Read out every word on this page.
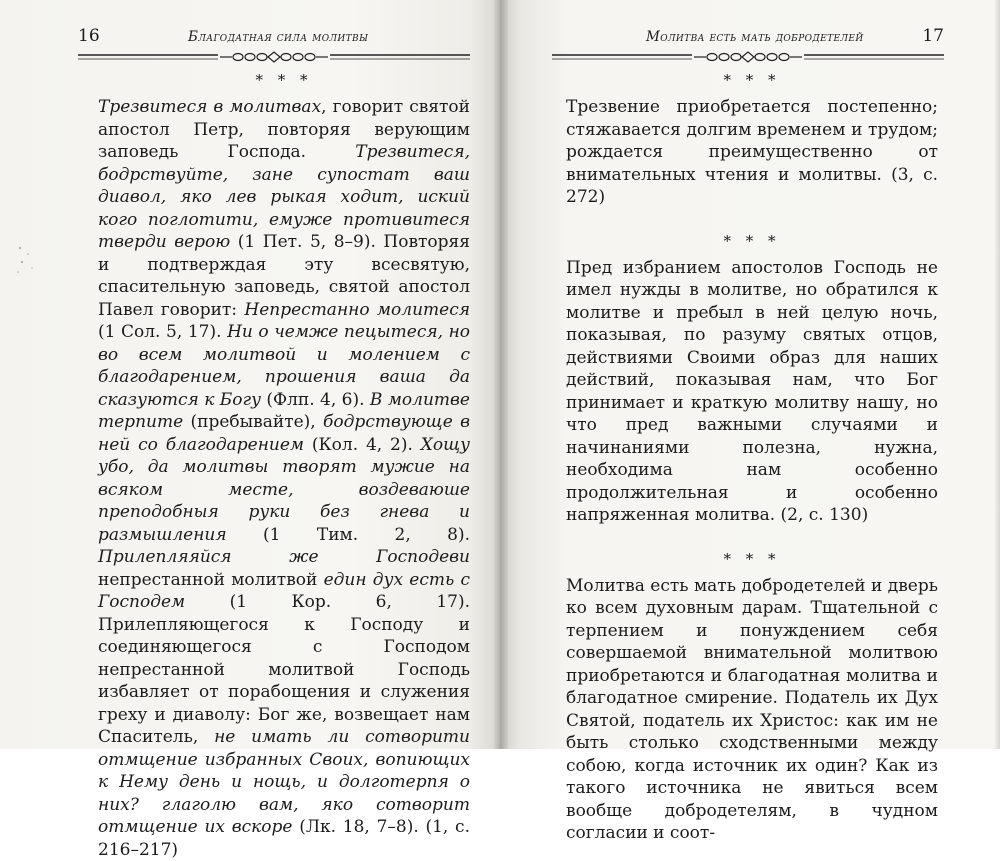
16	Благодатная сила молитвы
* * *

Трезвитеся в молитвах, говорит святой апостол Петр, повторяя верующим заповедь Господа. Трезвитеся, бодрствуйте, зане супостат ваш диавол, яко лев рыкая ходит, иский кого поглотити, емуже противитеся тверди верою (1 Пет. 5, 8–9). Повторяя и подтверждая эту всесвятую, спасительную заповедь, святой апостол Павел говорит: Непрестанно молитеся (1 Сол. 5, 17). Ни о чемже пецытеся, но во всем молитвой и молением с благодарением, прошения ваша да сказуются к Богу (Флп. 4, 6). В молитве терпите (пребывайте), бодрствующе в ней со благодарением (Кол. 4, 2). Хощу убо, да молитвы творят мужие на всяком месте, воздеваюше преподобныя руки без гнева и размышления (1 Тим. 2, 8). Прилепляяйся же Господеви непрестанной молитвой един дух есть с Господем (1 Кор. 6, 17). Прилепляющегося к Господу и соединяющегося с Господом непрестанной молитвой Господь избавляет от порабощения и служения греху и диаволу: Бог же, возвещает нам Спаситель, не имать ли сотворити отмщение избранных Своих, вопиющих к Нему день и нощь, и долготерпя о них? глаголю вам, яко сотворит отмщение их вскоре (Лк. 18, 7–8). (1, с. 216–217)

Молитва есть мать добродетелей	17
* * *

Трезвение приобретается постепенно; стяжавается долгим временем и трудом; рождается преимущественно от внимательных чтения и молитвы. (3, с. 272)

* * *

Пред избранием апостолов Господь не имел нужды в молитве, но обратился к молитве и пребыл в ней целую ночь, показывая, по разуму святых отцов, действиями Своими образ для наших действий, показывая нам, что Бог принимает и краткую молитву нашу, но что пред важными случаями и начинаниями полезна, нужна, необходима нам особенно продолжительная и особенно напряженная молитва. (2, с. 130)

* * *

Молитва есть мать добродетелей и дверь ко всем духовным дарам. Тщательной с терпением и понуждением себя совершаемой внимательной молитвою приобретаются и благодатная молитва и благодатное смирение. Податель их Дух Святой, податель их Христос: как им не быть столько сходственными между собою, когда источник их один? Как из такого источника не явиться всем вообще добродетелям, в чудном согласии и соот-
